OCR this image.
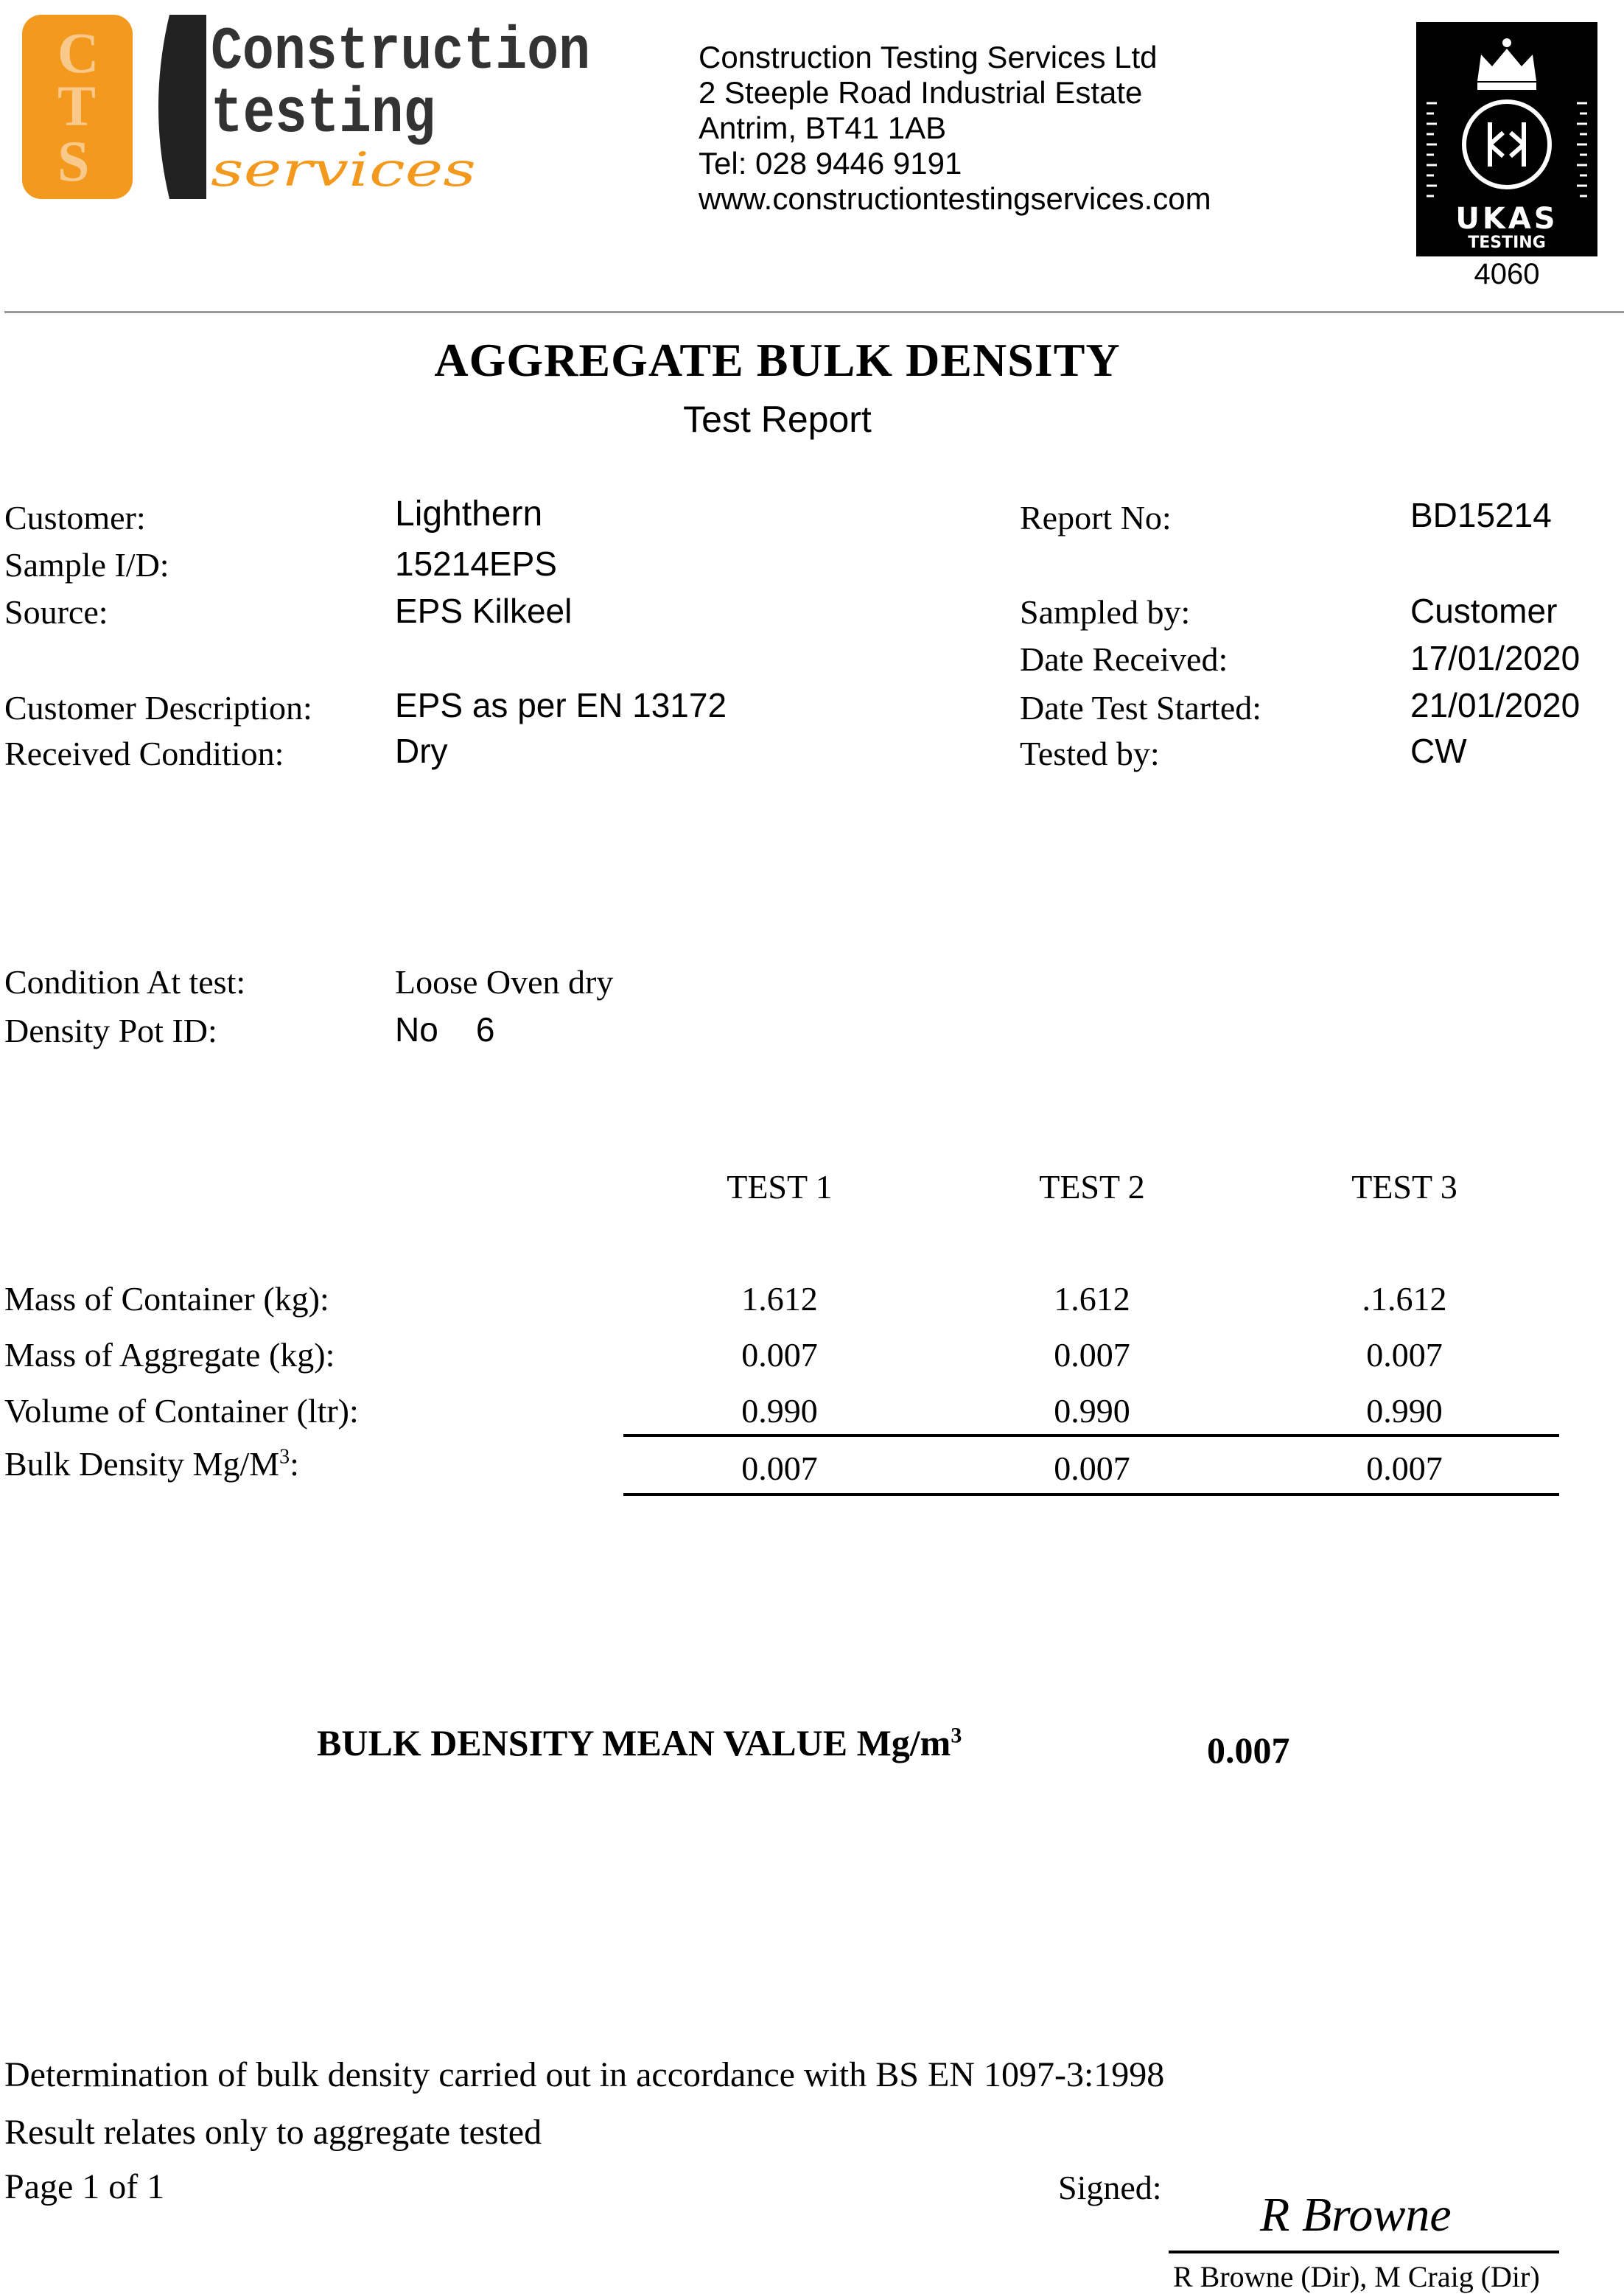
C
T
S
Construction
testing
services
Construction Testing Services Ltd
2 Steeple Road Industrial Estate
Antrim, BT41 1AB
Tel: 028 9446 9191
www.constructiontestingservices.com
UKAS
TESTING
4060
AGGREGATE BULK DENSITY
Test Report
Customer:	Lighthern
Sample I/D:	15214EPS
Source:	EPS Kilkeel
Customer Description: EPS as per EN 13172
Received Condition:	Dry
Report No:	BD15214
Sampled by:	Customer
Date Received:	17/01/2020
Date Test Started:	21/01/2020
Tested by:	CW
Condition At test:	Loose Oven dry
Density Pot ID:	No    6
TEST 1	TEST 2	TEST 3
Mass of Container (kg):	1.612	1.612	.1.612
Mass of Aggregate (kg):	0.007	0.007	0.007
Volume of Container (ltr):	0.990	0.990	0.990
Bulk Density $Mg/M^3$:	0.007	0.007	0.007
BULK DENSITY MEAN VALUE $Mg/m^3$	0.007
Determination of bulk density carried out in accordance with BS EN 1097-3:1998
Result relates only to aggregate tested
Page 1 of 1	Signed:
R Browne
R Browne (Dir), M Craig (Dir)
